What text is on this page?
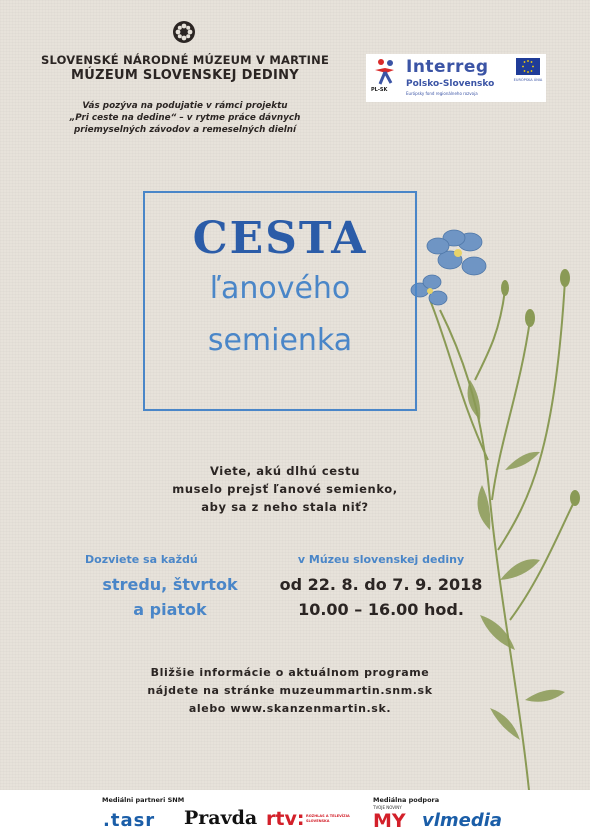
SLOVENSKÉ NÁRODNÉ MÚZEUM V MARTINE
MÚZEUM SLOVENSKEJ DEDINY
Vás pozýva na podujatie v rámci projektu
„Pri ceste na dedine“ – v rytme práce dávnych
priemyselných závodov a remeselných dielní
PL-SK
Interreg
Polsko-Slovensko
Európsky fond regionálneho rozvoja
EURÓPSKA ÚNIA
CESTA
ľanového
semienka
Viete, akú dlhú cestu
muselo prejsť ľanové semienko,
aby sa z neho stala niť?
Dozviete sa každú
stredu, štvrtok
a piatok
v Múzeu slovenskej dediny
od 22. 8. do 7. 9. 2018
10.00 – 16.00 hod.
Bližšie informácie o aktuálnom programe
nájdete na stránke muzeummartin.snm.sk
alebo www.skanzenmartin.sk.
Mediálni partneri SNM	Mediálna podpora
.tasr Pravda rtv: ROZHLAS A TELEVÍZIA SLOVENSKA
TVOJE NOVINY
MY vlmedia
